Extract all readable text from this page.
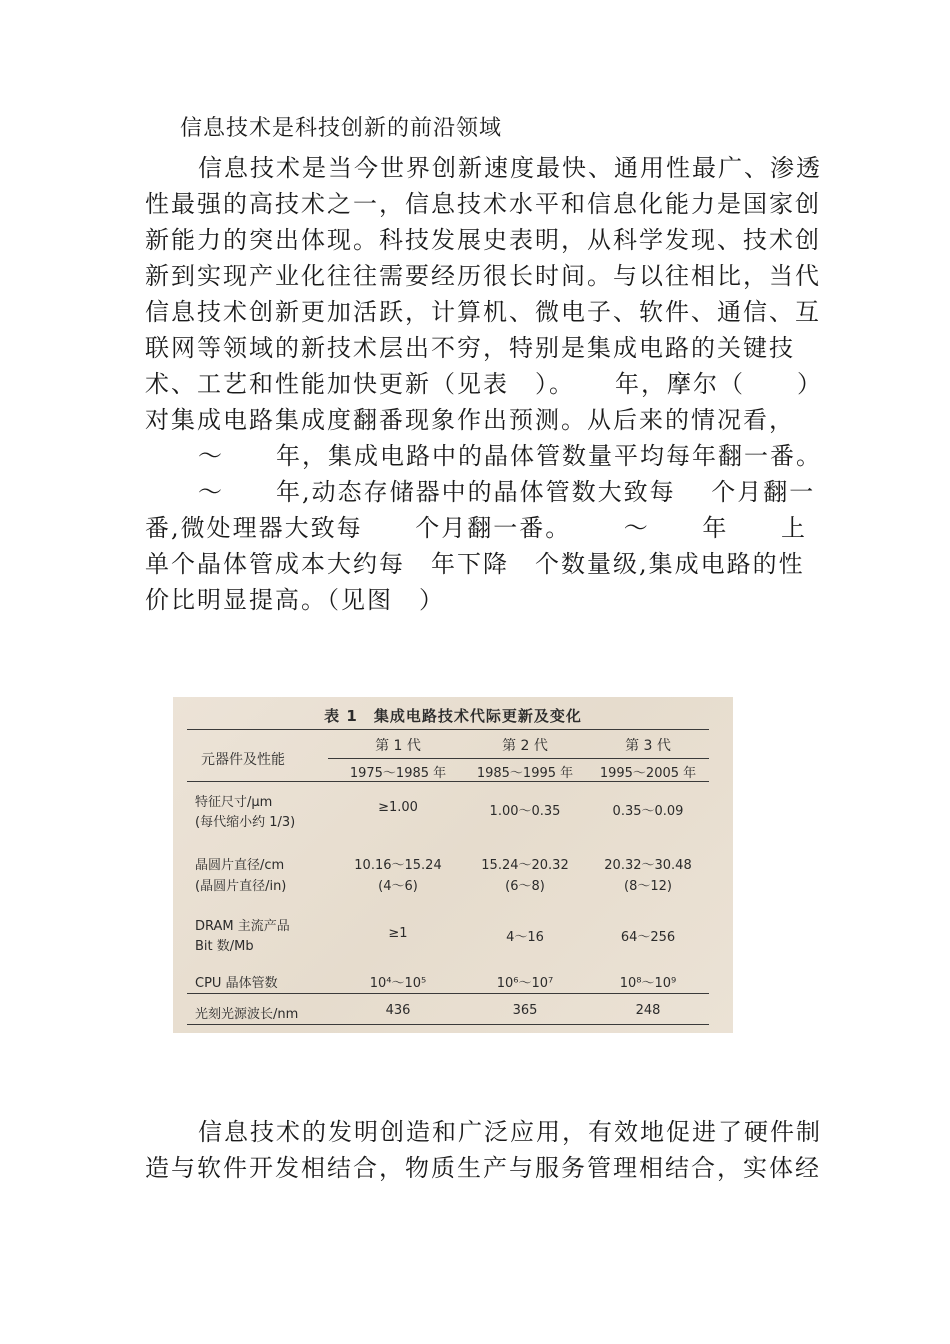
信息技术是科技创新的前沿领域
信息技术是当今世界创新速度最快、通用性最广、渗透
性最强的高技术之一，信息技术水平和信息化能力是国家创
新能力的突出体现。科技发展史表明，从科学发现、技术创
新到实现产业化往往需要经历很长时间。与以往相比，当代
信息技术创新更加活跃，计算机、微电子、软件、通信、互
联网等领域的新技术层出不穷，特别是集成电路的关键技
术、工艺和性能加快更新（见表　）。　　年，摩尔（　　）
对集成电路集成度翻番现象作出预测。从后来的情况看，
～　　年，集成电路中的晶体管数量平均每年翻一番。
～　　年,动态存储器中的晶体管数大致每　 个月翻一
番,微处理器大致每 个月翻一番。 ～ 年 上
单个晶体管成本大约每　年下降　个数量级,集成电路的性
价比明显提高。（见图　）
表 1　集成电路技术代际更新及变化
元器件及性能
第 1 代	第 2 代	第 3 代
1975～1985 年	1985～1995 年	1995～2005 年
特征尺寸/μm
(每代缩小约 1/3)
≥1.00	1.00～0.35	0.35～0.09
晶圆片直径/cm
(晶圆片直径/in)
10.16～15.24	15.24～20.32	20.32～30.48
(4～6)	(6～8)	(8～12)
DRAM 主流产品
Bit 数/Mb
≥1	4～16	64～256
CPU 晶体管数	10⁴～10⁵	10⁶～10⁷	10⁸～10⁹
光刻光源波长/nm	436	365	248
信息技术的发明创造和广泛应用，有效地促进了硬件制
造与软件开发相结合，物质生产与服务管理相结合，实体经
